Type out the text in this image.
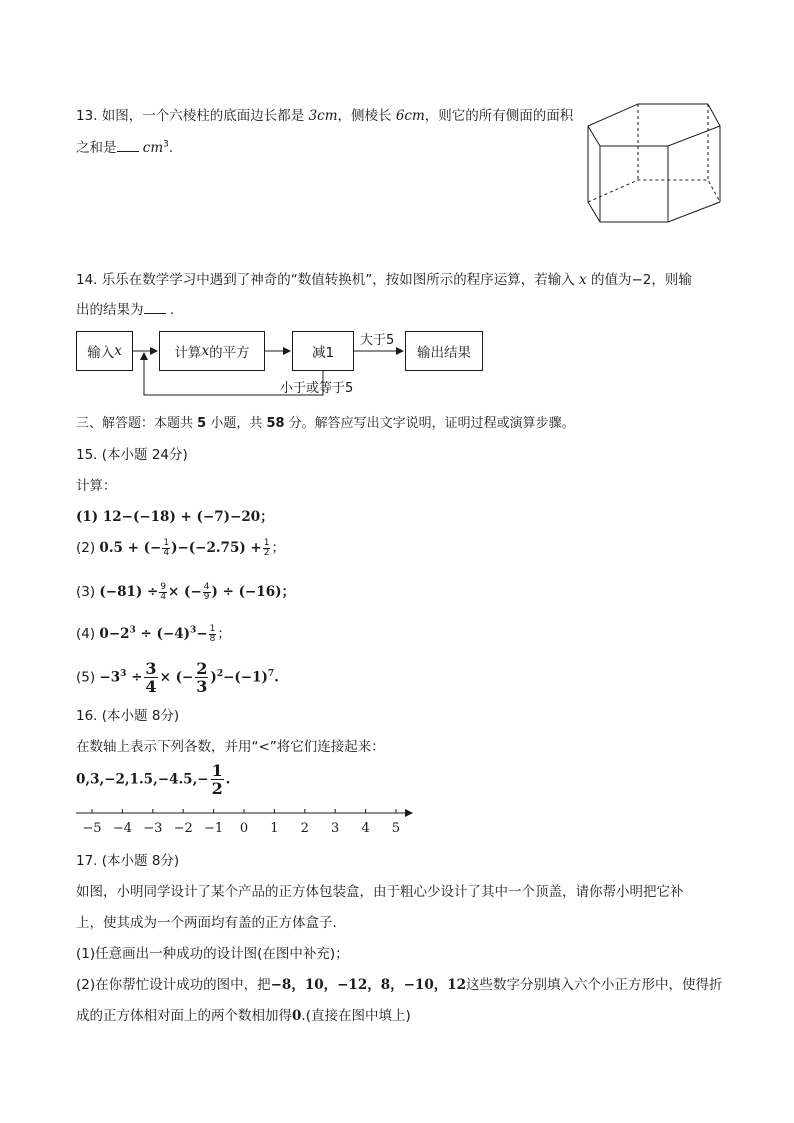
13. 如图，一个六棱柱的底面边长都是 3cm，侧棱长 6cm，则它的所有侧面的面积
之和是 $cm^3$.
14. 乐乐在数学学习中遇到了神奇的“数值转换机”，按如图所示的程序运算，若输入 x 的值为−2，则输
出的结果为 .
输入 x	计算 x 的平方	减1	输出结果
大于5
小于或等于5
三、解答题：本题共 5 小题，共 58 分。解答应写出文字说明，证明过程或演算步骤。
15. (本小题 24分)
计算：
(1) 12−(−18) + (−7)−20；
(2) 0.5 + (− $\frac{1}{4} )-(-2.75) + \frac{1}{2}$ ；
(3) $(-81) \div \frac{9}{4}$ × (− $\frac{4}{9}$ ) ÷ (−16)；
(4) $0-2^3 \div (-4)^3- \frac{1}{8}$ ；
$(5) -3^3 \div \frac{3}{4}$ × (− $\frac{2}{3} )^2-(-1)^7$.
16. (本小题 8分)
在数轴上表示下列各数，并用“<”将它们连接起来：
$0,3,-2,1.5,-4.5,- \frac{1}{2}$ .
−5 −4 −3 −2 −1 0 1 2 3 4 5
17. (本小题 8分)
如图，小明同学设计了某个产品的正方体包装盒，由于粗心少设计了其中一个顶盖，请你帮小明把它补
上，使其成为一个两面均有盖的正方体盒子.
(1)任意画出一种成功的设计图(在图中补充)；
(2)在你帮忙设计成功的图中，把−8，10，−12，8，−10，12这些数字分别填入六个小正方形中，使得折
成的正方体相对面上的两个数相加得0.(直接在图中填上)
